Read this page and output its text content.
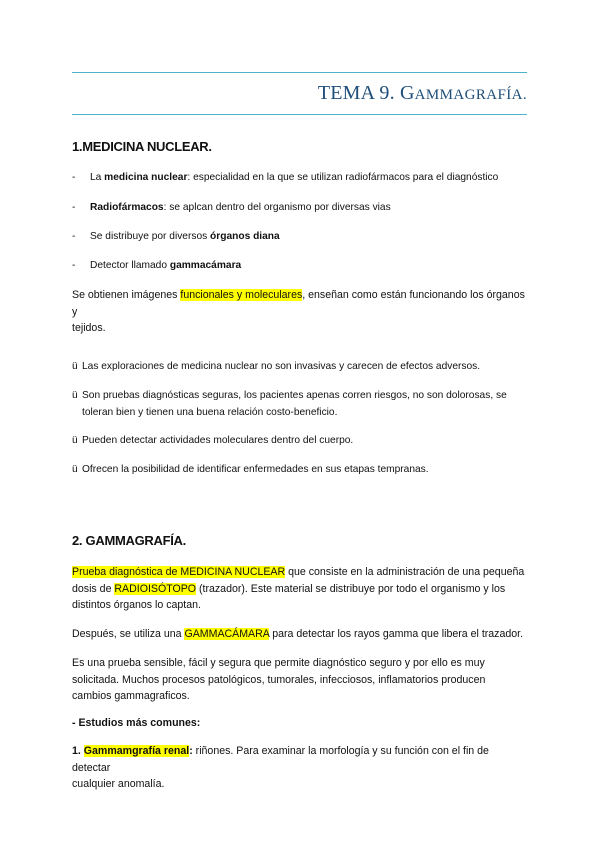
TEMA 9. GAMMAGRAFÍA.
1.MEDICINA NUCLEAR.
- La medicina nuclear: especialidad en la que se utilizan radiofármacos para el diagnóstico
- Radiofármacos: se aplcan dentro del organismo por diversas vias
- Se distribuye por diversos órganos diana
- Detector llamado gammacámara
Se obtienen imágenes funcionales y moleculares, enseñan como están funcionando los órganos y
tejidos.
ü Las exploraciones de medicina nuclear no son invasivas y carecen de efectos adversos.
ü Son pruebas diagnósticas seguras, los pacientes apenas corren riesgos, no son dolorosas, se
toleran bien y tienen una buena relación costo-beneficio.
ü Pueden detectar actividades moleculares dentro del cuerpo.
ü Ofrecen la posibilidad de identificar enfermedades en sus etapas tempranas.
2. GAMMAGRAFÍA.
Prueba diagnóstica de MEDICINA NUCLEAR que consiste en la administración de una pequeña
dosis de RADIOISÓTOPO (trazador). Este material se distribuye por todo el organismo y los
distintos órganos lo captan.
Después, se utiliza una GAMMACÁMARA para detectar los rayos gamma que libera el trazador.
Es una prueba sensible, fácil y segura que permite diagnóstico seguro y por ello es muy
solicitada. Muchos procesos patológicos, tumorales, infecciosos, inflamatorios producen
cambios gammagraficos.
- Estudios más comunes:
1. Gammamgrafía renal: riñones. Para examinar la morfología y su función con el fin de detectar
cualquier anomalía.
